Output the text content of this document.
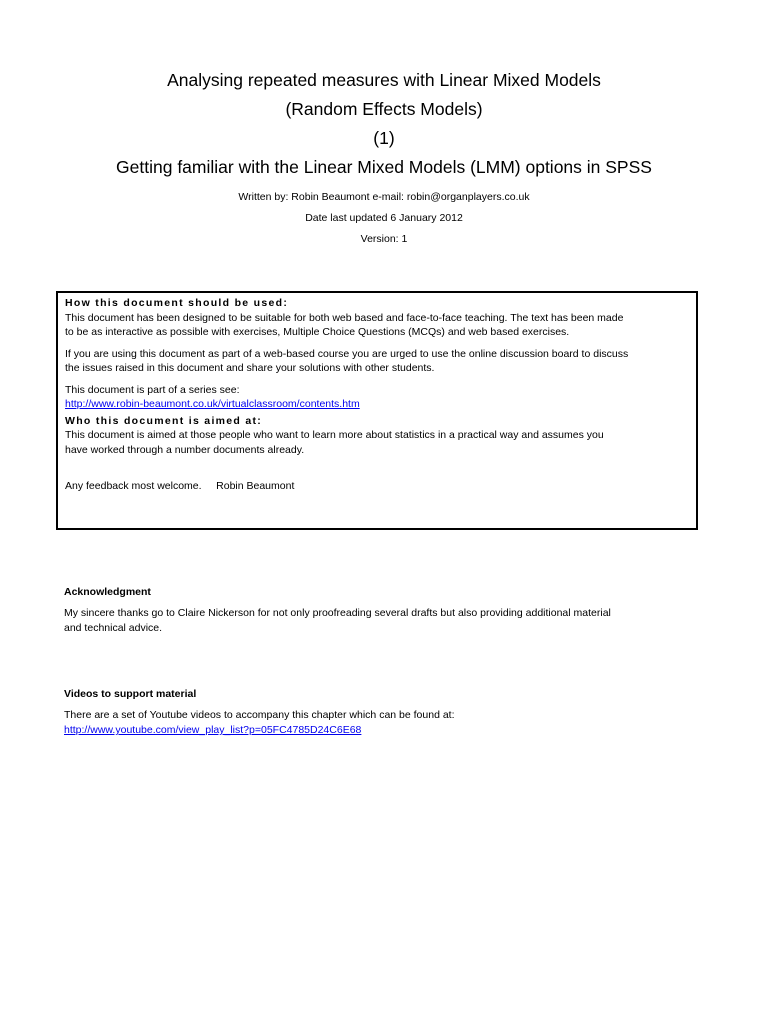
Analysing repeated measures with Linear Mixed Models
(Random Effects Models)
(1)
Getting familiar with the Linear Mixed Models (LMM) options in SPSS
Written by: Robin Beaumont e-mail: robin@organplayers.co.uk
Date last updated 6 January 2012
Version: 1
How this document should be used:

This document has been designed to be suitable for both web based and face-to-face teaching. The text has been made

to be as interactive as possible with exercises, Multiple Choice Questions (MCQs) and web based exercises.

If you are using this document as part of a web-based course you are urged to use the online discussion board to discuss

the issues raised in this document and share your solutions with other students.

This document is part of a series see:

http://www.robin-beaumont.co.uk/virtualclassroom/contents.htm

Who this document is aimed at:

This document is aimed at those people who want to learn more about statistics in a practical way and assumes you

have worked through a number documents already.

Any feedback most welcome.     Robin Beaumont

Acknowledgment

My sincere thanks go to Claire Nickerson for not only proofreading several drafts but also providing additional material

and technical advice.

Videos to support material

There are a set of Youtube videos to accompany this chapter which can be found at:

http://www.youtube.com/view_play_list?p=05FC4785D24C6E68
